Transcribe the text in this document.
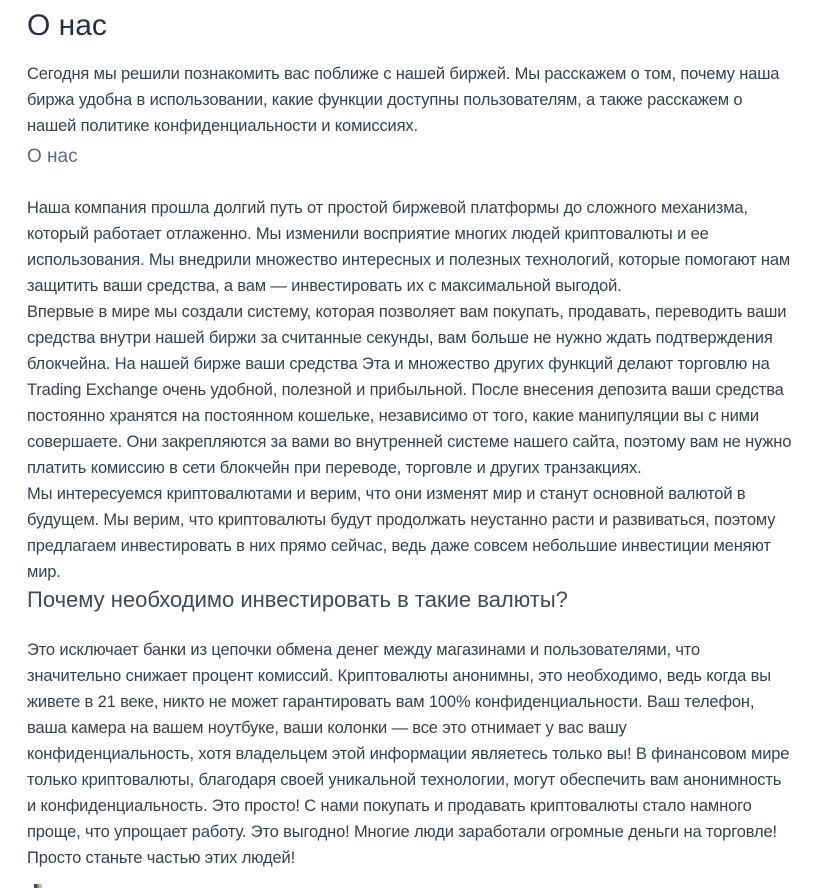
О нас

Сегодня мы решили познакомить вас поближе с нашей биржей. Мы расскажем о том, почему наша биржа удобна в использовании, какие функции доступны пользователям, а также расскажем о нашей политике конфиденциальности и комиссиях.

О нас

Наша компания прошла долгий путь от простой биржевой платформы до сложного механизма, который работает отлаженно. Мы изменили восприятие многих людей криптовалюты и ее использования. Мы внедрили множество интересных и полезных технологий, которые помогают нам защитить ваши средства, а вам — инвестировать их с максимальной выгодой.

Впервые в мире мы создали систему, которая позволяет вам покупать, продавать, переводить ваши средства внутри нашей биржи за считанные секунды, вам больше не нужно ждать подтверждения блокчейна. На нашей бирже ваши средства Эта и множество других функций делают торговлю на Trading Exchange очень удобной, полезной и прибыльной. После внесения депозита ваши средства постоянно хранятся на постоянном кошельке, независимо от того, какие манипуляции вы с ними совершаете. Они закрепляются за вами во внутренней системе нашего сайта, поэтому вам не нужно платить комиссию в сети блокчейн при переводе, торговле и других транзакциях.

Мы интересуемся криптовалютами и верим, что они изменят мир и станут основной валютой в будущем. Мы верим, что криптовалюты будут продолжать неустанно расти и развиваться, поэтому предлагаем инвестировать в них прямо сейчас, ведь даже совсем небольшие инвестиции меняют мир.

Почему необходимо инвестировать в такие валюты?

Это исключает банки из цепочки обмена денег между магазинами и пользователями, что значительно снижает процент комиссий. Криптовалюты анонимны, это необходимо, ведь когда вы живете в 21 веке, никто не может гарантировать вам 100% конфиденциальности. Ваш телефон, ваша камера на вашем ноутбуке, ваши колонки — все это отнимает у вас вашу конфиденциальность, хотя владельцем этой информации являетесь только вы! В финансовом мире только криптовалюты, благодаря своей уникальной технологии, могут обеспечить вам анонимность и конфиденциальность. Это просто! С нами покупать и продавать криптовалюты стало намного проще, что упрощает работу. Это выгодно! Многие люди заработали огромные деньги на торговле! Просто станьте частью этих людей!
